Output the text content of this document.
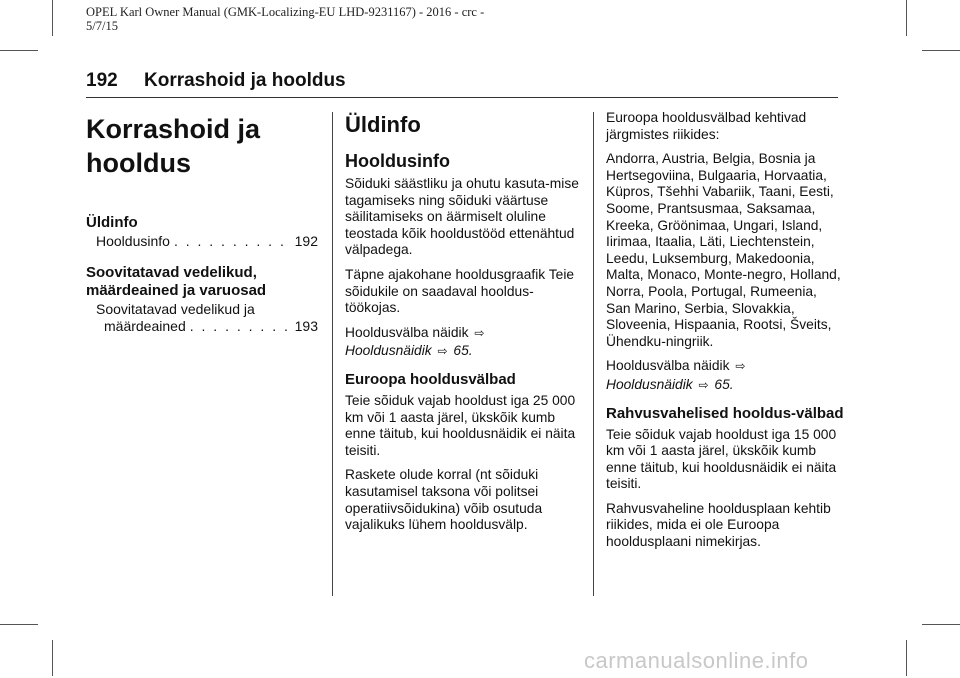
OPEL Karl Owner Manual (GMK-Localizing-EU LHD-9231167) - 2016 - crc -
5/7/15
192 Korrashoid ja hooldus
Korrashoid ja hooldus
Üldinfo
Hooldusinfo . . .	192
Soovitatavad vedelikud, määrdeained ja varuosad
Soovitatavad vedelikud ja
määrdeained . . .	193
Üldinfo
Hooldusinfo

Sõiduki säästliku ja ohutu kasuta-mise tagamiseks ning sõiduki väärtuse säilitamiseks on äärmiselt oluline teostada kõik hooldustööd ettenähtud välpadega.

Täpne ajakohane hooldusgraafik Teie sõidukile on saadaval hooldus-töökojas.

Hooldusvälba näidik ⇨
Hooldusnäidik ⇨ 65.
Euroopa hooldusvälbad

Teie sõiduk vajab hooldust iga 25 000 km või 1 aasta järel, ükskõik kumb enne täitub, kui hooldusnäidik ei näita teisiti.

Raskete olude korral (nt sõiduki kasutamisel taksona või politsei operatiivsõidukina) võib osutuda vajalikuks lühem hooldusvälp.

Euroopa hooldusvälbad kehtivad järgmistes riikides:

Andorra, Austria, Belgia, Bosnia ja Hertsegoviina, Bulgaaria, Horvaatia, Küpros, Tšehhi Vabariik, Taani, Eesti, Soome, Prantsusmaa, Saksamaa, Kreeka, Gröönimaa, Ungari, Island, Iirimaa, Itaalia, Läti, Liechtenstein, Leedu, Luksemburg, Makedoonia, Malta, Monaco, Monte-negro, Holland, Norra, Poola, Portugal, Rumeenia, San Marino, Serbia, Slovakkia, Sloveenia, Hispaania, Rootsi, Šveits, Ühendku-ningriik.

Hooldusvälba näidik ⇨
Hooldusnäidik ⇨ 65.
Rahvusvahelised hooldus-välbad

Teie sõiduk vajab hooldust iga 15 000 km või 1 aasta järel, ükskõik kumb enne täitub, kui hooldusnäidik ei näita teisiti.

Rahvusvaheline hooldusplaan kehtib riikides, mida ei ole Euroopa hooldusplaani nimekirjas.

carmanualsonline.info
